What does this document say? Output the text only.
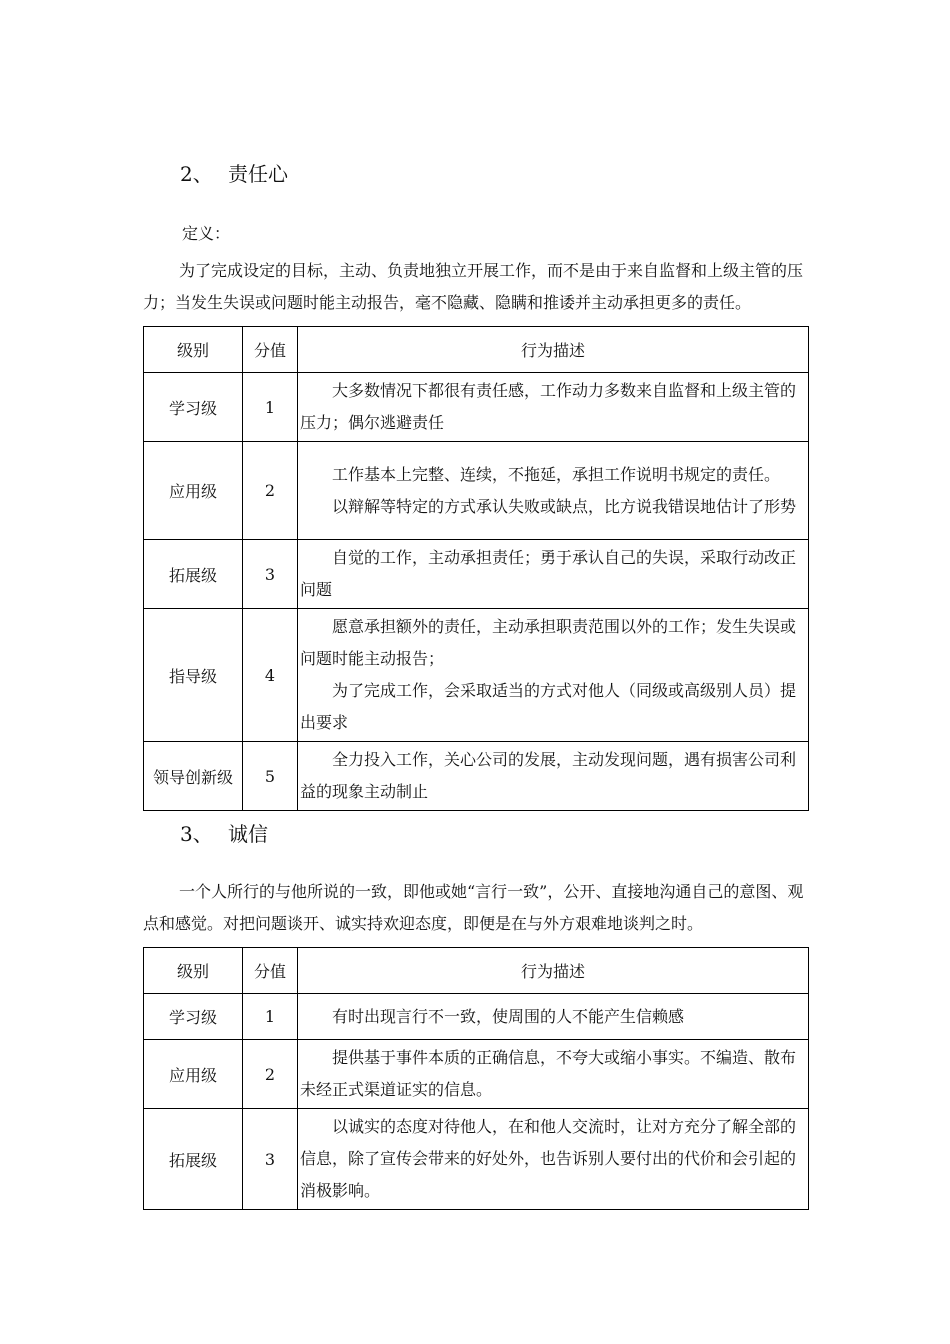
2、 责任心
定义：
为了完成设定的目标，主动、负责地独立开展工作，而不是由于来自监督和上级主管的压力；当发生失误或问题时能主动报告，毫不隐藏、隐瞒和推诿并主动承担更多的责任。
级别	分值	行为描述
学习级	1	大多数情况下都很有责任感，工作动力多数来自监督和上级主管的压力；偶尔逃避责任

应用级	2	工作基本上完整、连续，不拖延，承担工作说明书规定的责任。
以辩解等特定的方式承认失败或缺点，比方说我错误地估计了形势

拓展级	3	自觉的工作，主动承担责任；勇于承认自己的失误，采取行动改正问题

指导级	4	愿意承担额外的责任，主动承担职责范围以外的工作；发生失误或问题时能主动报告；
为了完成工作，会采取适当的方式对他人（同级或高级别人员）提出要求

领导创新级	5	全力投入工作，关心公司的发展，主动发现问题，遇有损害公司利益的现象主动制止
3、 诚信
一个人所行的与他所说的一致，即他或她“言行一致”，公开、直接地沟通自己的意图、观点和感觉。对把问题谈开、诚实持欢迎态度，即便是在与外方艰难地谈判之时。
级别	分值	行为描述
学习级	1	有时出现言行不一致，使周围的人不能产生信赖感

应用级	2	提供基于事件本质的正确信息，不夸大或缩小事实。不编造、散布未经正式渠道证实的信息。

拓展级	3	以诚实的态度对待他人，在和他人交流时，让对方充分了解全部的信息，除了宣传会带来的好处外，也告诉别人要付出的代价和会引起的消极影响。
